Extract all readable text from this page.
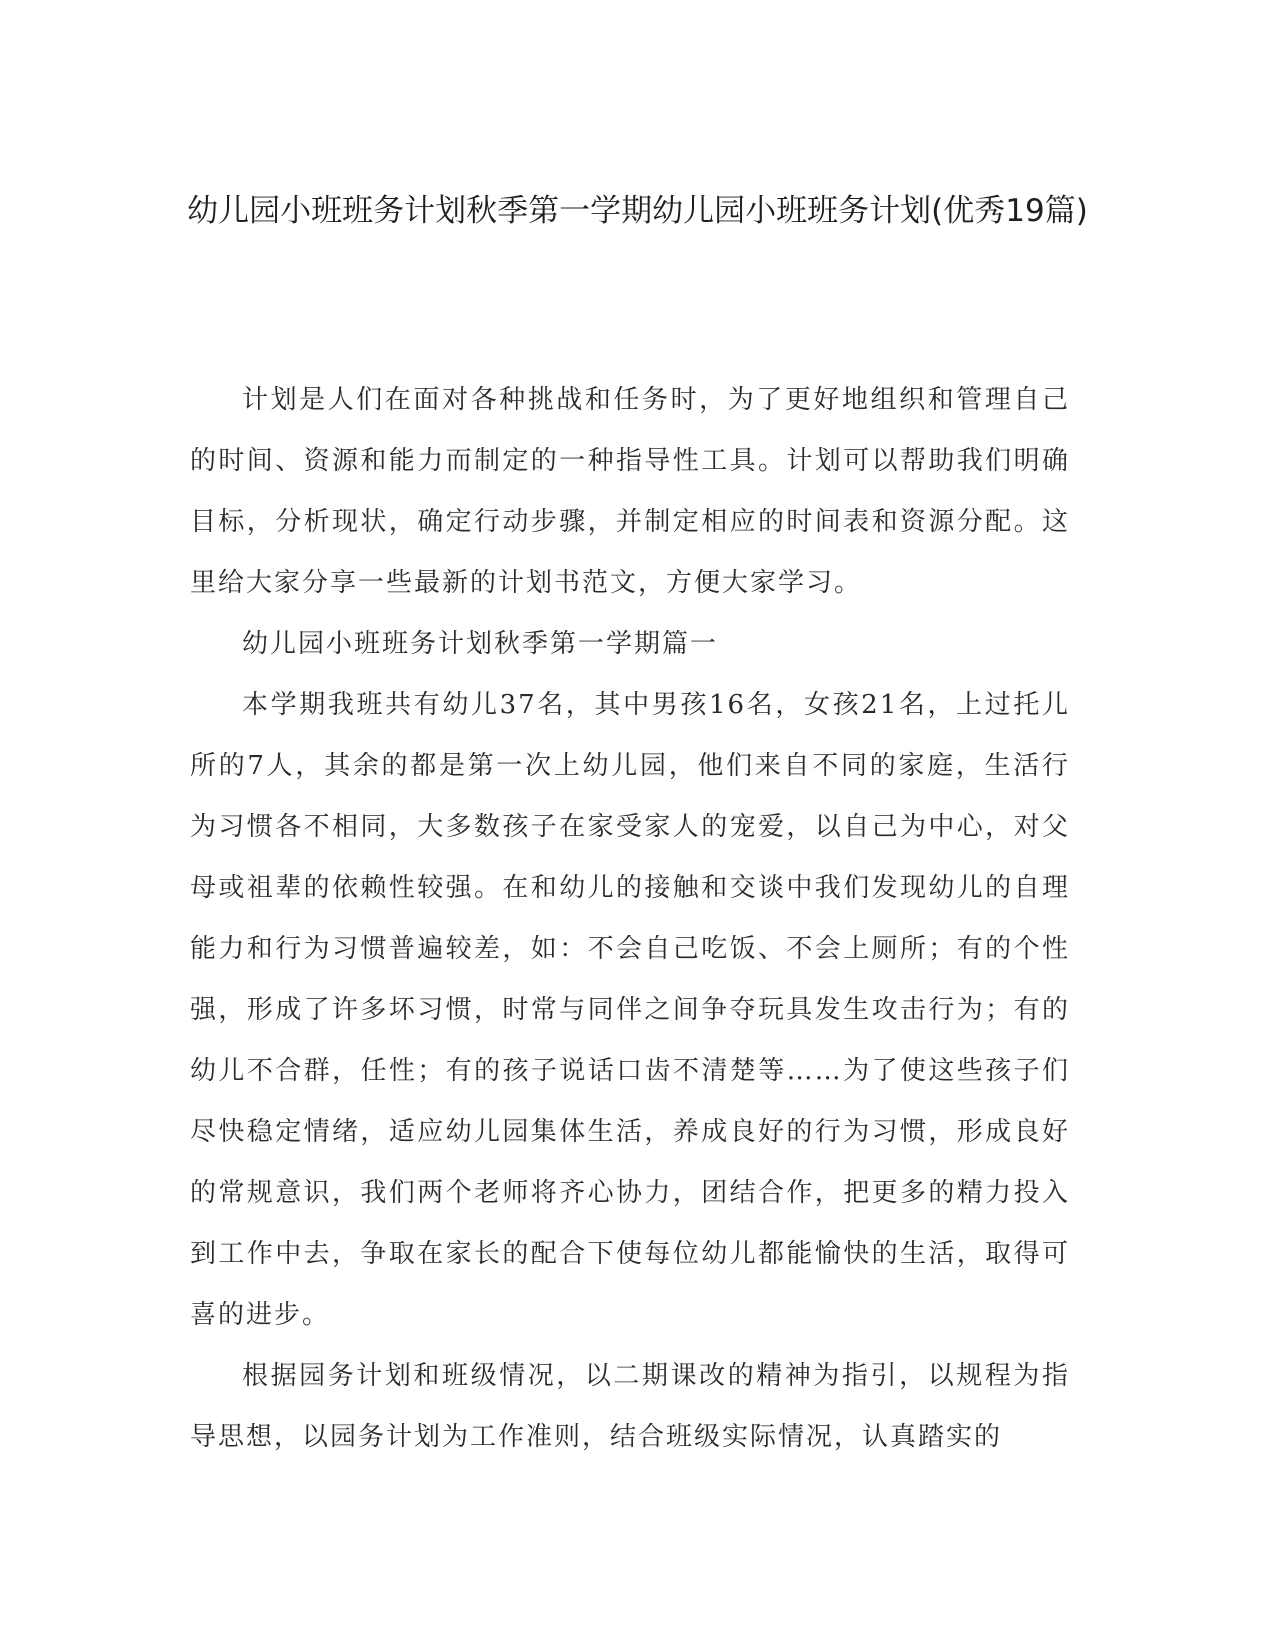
幼儿园小班班务计划秋季第一学期幼儿园小班班务计划(优秀19篇)

计划是人们在面对各种挑战和任务时，为了更好地组织和管理自己的时间、资源和能力而制定的一种指导性工具。计划可以帮助我们明确目标，分析现状，确定行动步骤，并制定相应的时间表和资源分配。这里给大家分享一些最新的计划书范文，方便大家学习。

幼儿园小班班务计划秋季第一学期篇一

本学期我班共有幼儿37名，其中男孩16名，女孩21名，上过托儿所的7人，其余的都是第一次上幼儿园，他们来自不同的家庭，生活行为习惯各不相同，大多数孩子在家受家人的宠爱，以自己为中心，对父母或祖辈的依赖性较强。在和幼儿的接触和交谈中我们发现幼儿的自理能力和行为习惯普遍较差，如：不会自己吃饭、不会上厕所；有的个性强，形成了许多坏习惯，时常与同伴之间争夺玩具发生攻击行为；有的幼儿不合群，任性；有的孩子说话口齿不清楚等……为了使这些孩子们尽快稳定情绪，适应幼儿园集体生活，养成良好的行为习惯，形成良好的常规意识，我们两个老师将齐心协力，团结合作，把更多的精力投入到工作中去，争取在家长的配合下使每位幼儿都能愉快的生活，取得可喜的进步。

根据园务计划和班级情况，以二期课改的精神为指引，以规程为指导思想，以园务计划为工作准则，结合班级实际情况，认真踏实的
